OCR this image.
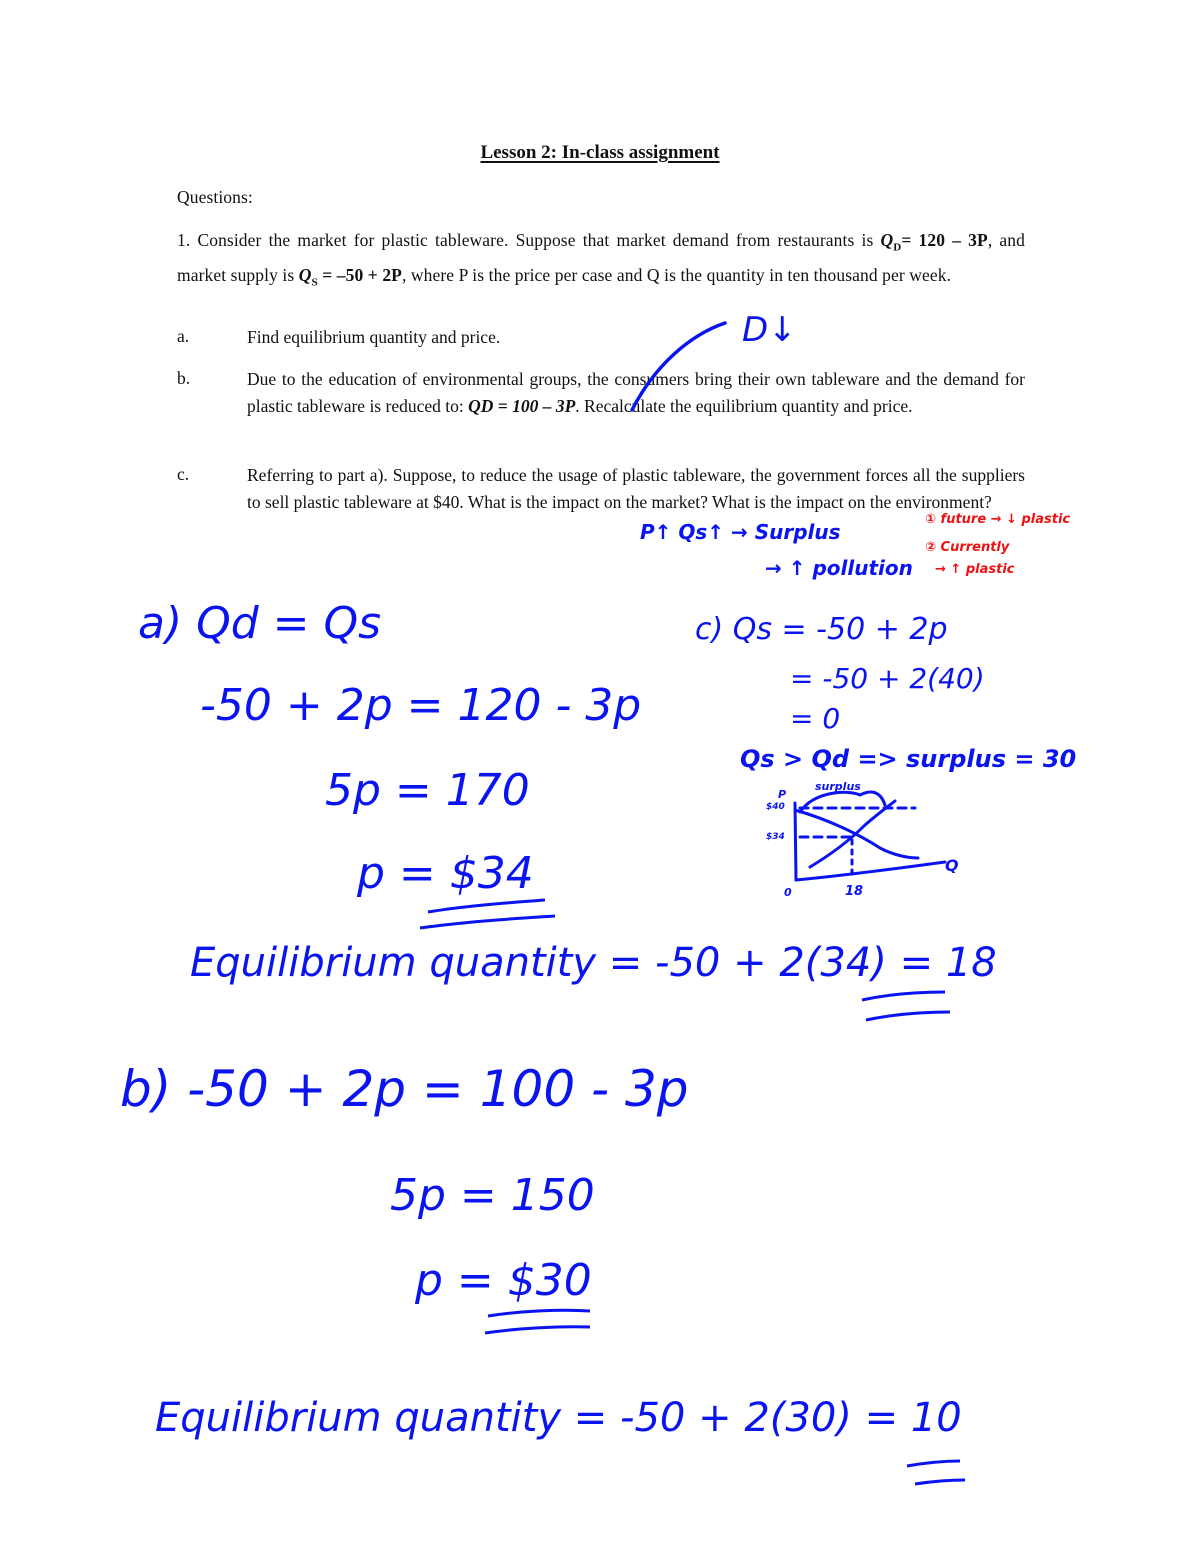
Lesson 2: In-class assignment
Questions:
1. Consider the market for plastic tableware. Suppose that market demand from restaurants is $Q_D= 120 - 3P$, and market supply is $Q_S = -50 + 2P$, where P is the price per case and Q is the quantity in ten thousand per week.
a.	Find equilibrium quantity and price.
b.	Due to the education of environmental groups, the consumers bring their own tableware and the demand for plastic tableware is reduced to: QD = 100 – 3P. Recalculate the equilibrium quantity and price.
c.	Referring to part a). Suppose, to reduce the usage of plastic tableware, the government forces all the suppliers to sell plastic tableware at $40. What is the impact on the market? What is the impact on the environment?
D↓
P↑ Qs↑ → Surplus
→ ↑ pollution
① future → ↓ plastic
② Currently
→ ↑ plastic
a) Qd = Qs
-50 + 2p = 120 - 3p
5p = 170
p = $34
Equilibrium quantity = -50 + 2(34) = 18
c) Qs = -50 + 2p
= -50 + 2(40)
= 0
Qs > Qd => surplus = 30
P
surplus
$40
$34
Q
18
0
b) -50 + 2p = 100 - 3p
5p = 150
p = $30
Equilibrium quantity = -50 + 2(30) = 10
